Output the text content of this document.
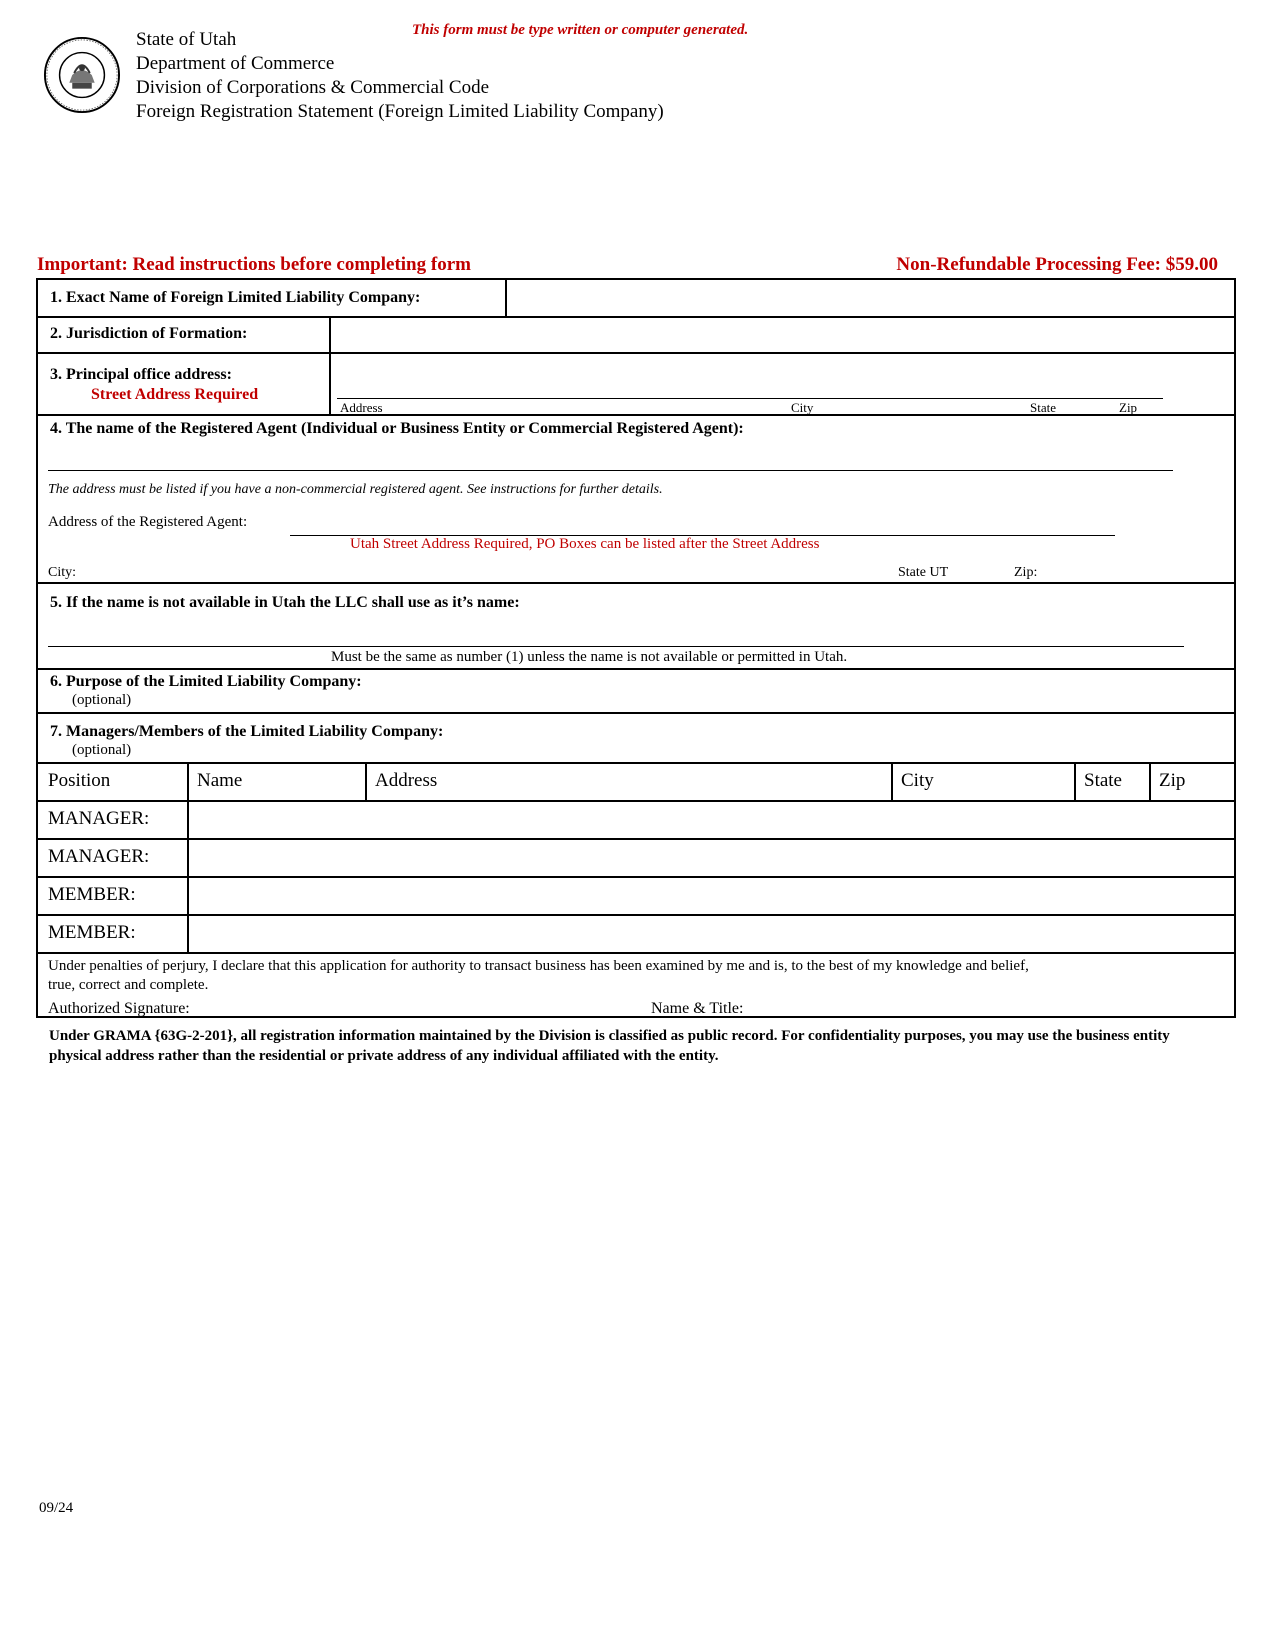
This form must be type written or computer generated.
State of Utah
Department of Commerce
Division of Corporations & Commercial Code
Foreign Registration Statement (Foreign Limited Liability Company)
Important: Read instructions before completing form	Non-Refundable Processing Fee: $59.00
1. Exact Name of Foreign Limited Liability Company:
2. Jurisdiction of Formation:
3. Principal office address:
Street Address Required
Address	City	State	Zip
4. The name of the Registered Agent (Individual or Business Entity or Commercial Registered Agent):
The address must be listed if you have a non-commercial registered agent. See instructions for further details.
Address of the Registered Agent:
Utah Street Address Required, PO Boxes can be listed after the Street Address
City:	State UT	Zip:
5. If the name is not available in Utah the LLC shall use as it’s name:
Must be the same as number (1) unless the name is not available or permitted in Utah.
6. Purpose of the Limited Liability Company:
(optional)
7. Managers/Members of the Limited Liability Company:
(optional)
Position	Name	Address	City	State Zip
MANAGER:
MANAGER:
MEMBER:
MEMBER:
Under penalties of perjury, I declare that this application for authority to transact business has been examined by me and is, to the best of my knowledge and belief,
true, correct and complete.
Authorized Signature:	Name & Title:
Under GRAMA {63G-2-201}, all registration information maintained by the Division is classified as public record. For confidentiality purposes, you may use the business entity physical address rather than the residential or private address of any individual affiliated with the entity.
09/24
